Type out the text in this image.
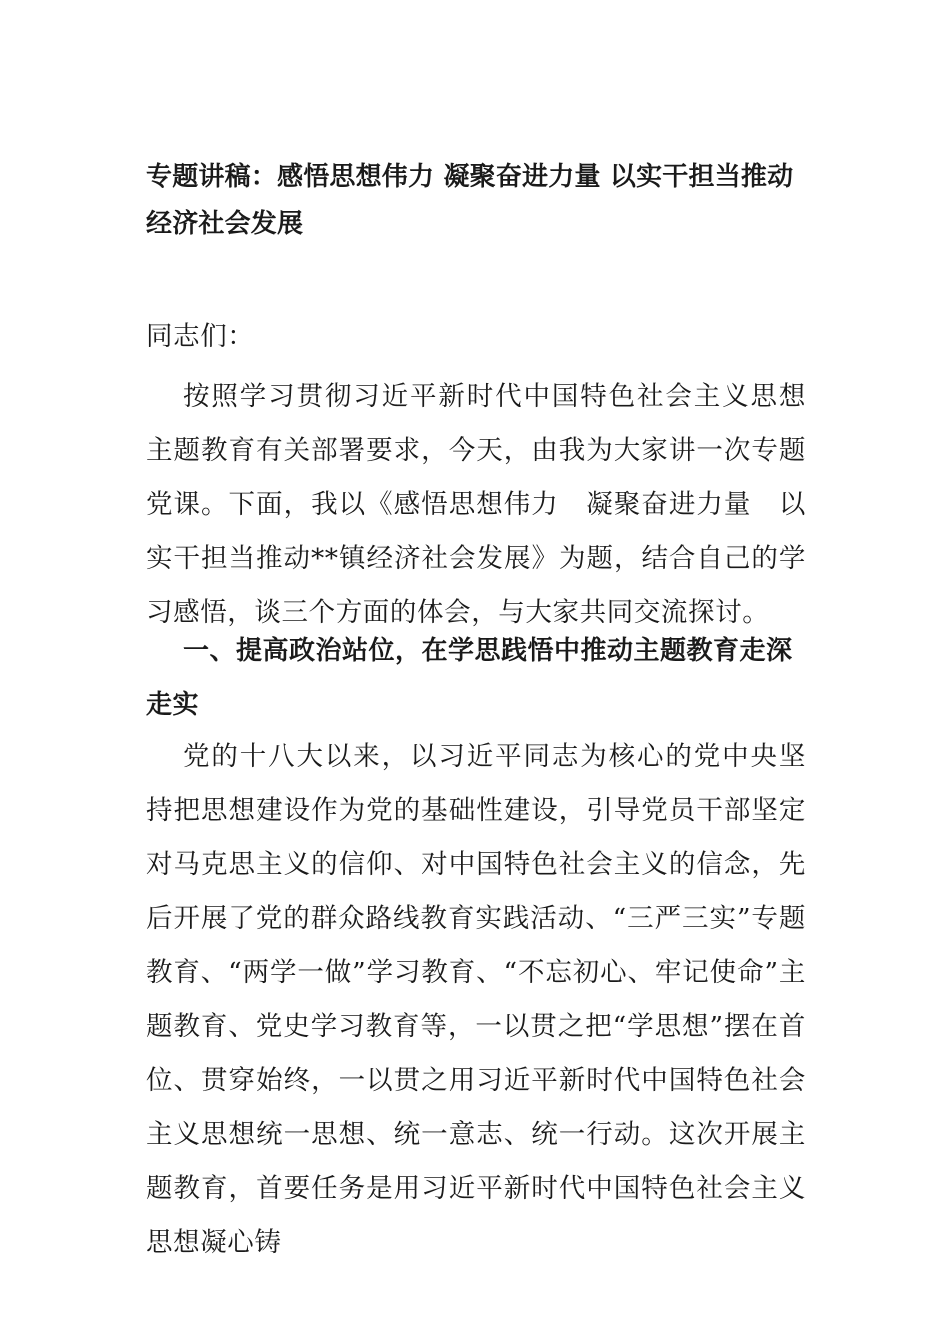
专题讲稿：感悟思想伟力 凝聚奋进力量 以实干担当推动 经济社会发展

同志们：

按照学习贯彻习近平新时代中国特色社会主义思想主题教育有关部署要求，今天，由我为大家讲一次专题党课。下面，我以《感悟思想伟力　凝聚奋进力量　以实干担当推动**镇经济社会发展》为题，结合自己的学习感悟，谈三个方面的体会，与大家共同交流探讨。

一、提高政治站位，在学思践悟中推动主题教育走深走实

党的十八大以来，以习近平同志为核心的党中央坚持把思想建设作为党的基础性建设，引导党员干部坚定对马克思主义的信仰、对中国特色社会主义的信念，先后开展了党的群众路线教育实践活动、“三严三实”专题教育、“两学一做”学习教育、“不忘初心、牢记使命”主题教育、党史学习教育等，一以贯之把“学思想”摆在首位、贯穿始终，一以贯之用习近平新时代中国特色社会主义思想统一思想、统一意志、统一行动。这次开展主题教育，首要任务是用习近平新时代中国特色社会主义思想凝心铸
